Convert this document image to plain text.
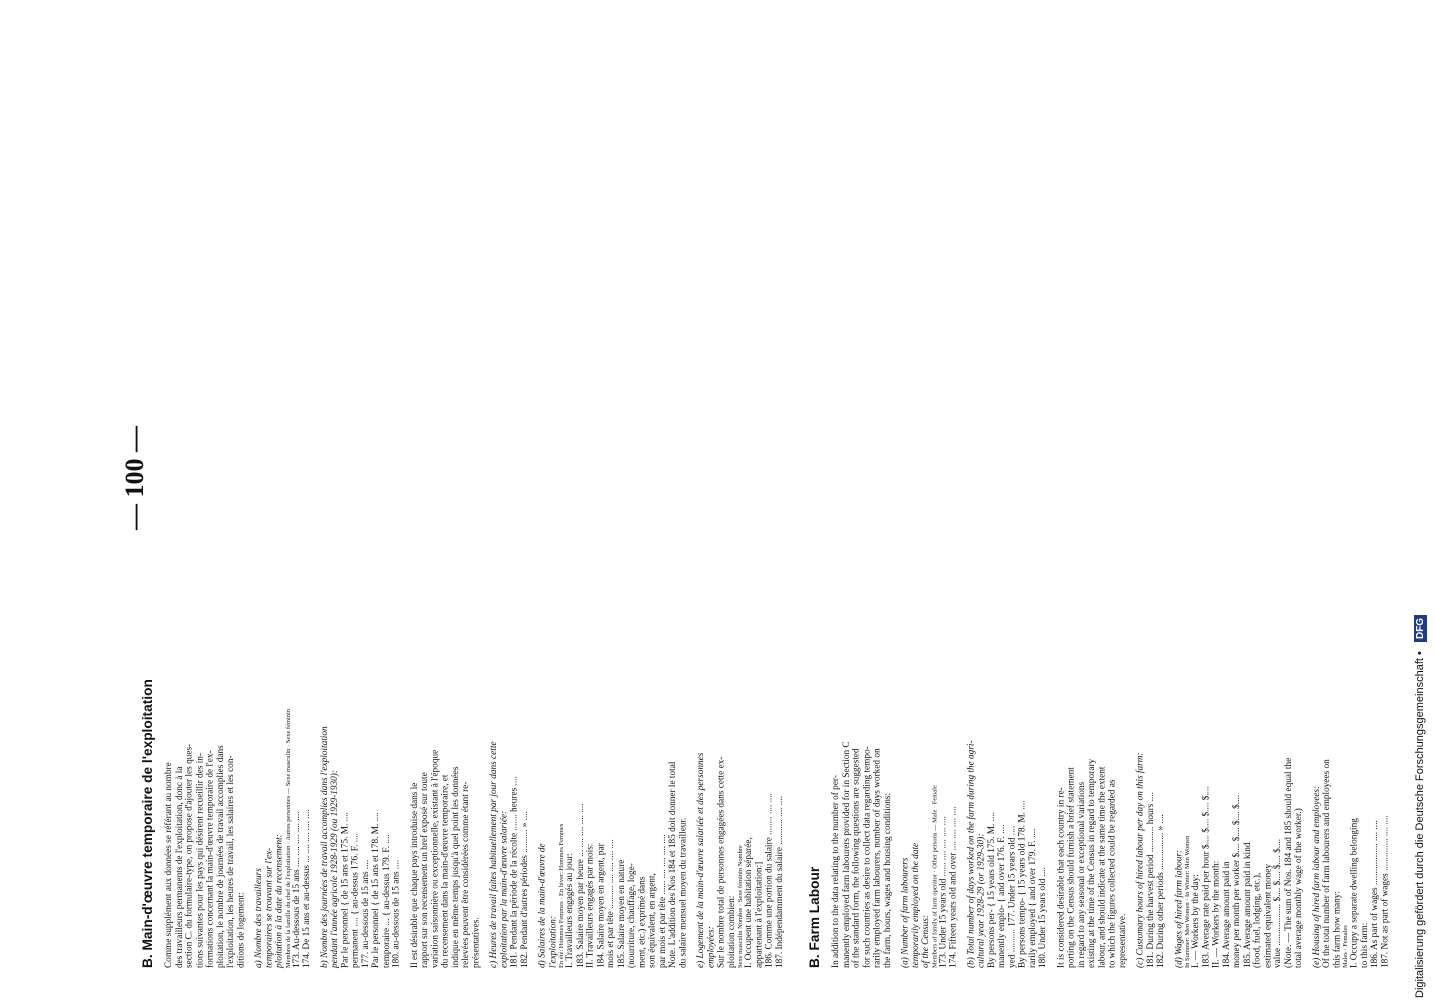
— 100 —
B. Main-d'œuvre temporaire de l'exploitation Comme supplément aux données se référant au nombre des travailleurs permanents de l'exploitation, donc à la section C. du formulaire-type, on propose d'ajouter les ques- tions suivantes pour les pays qui désirent recueillir des in- formations concernant la main-d'œuvre temporaire de l'ex- ploitation, le nombre de journées de travail accomplies dans l'exploitation, les heures de travail, les salaires et les con- ditions de logement: a) Nombre des travailleurs temporaires se trouvant sur l'ex- ploitation à la date du recensement: Membres de la famille du chef de l'exploitation · Autres personnes — Sexe masculin · Sexe féminin 173. Au-dessous de 15 ans .... .... .... .... .... 174. De 15 ans et au-dessus ... .... .... .... .... b) Nombre des journées de travail accomplies dans l'exploitation pendant l'année agricole 1928-1929 (ou 1929-1930): Par le personnel { de 15 ans et 175. M. .... permanent .... { au-dessus 176. F. .... 177. au-dessous de 15 ans .... Par le personnel { de 15 ans et 178. M. .... temporaire ... { au-dessus 179. F. .... 180. au-dessous de 15 ans .... Il est désirable que chaque pays introduise dans le rapport sur son recensement un bref exposé sur toute variation saisonnière ou exceptionnelle, existant à l'époque du recensement dans la main-d'œuvre temporaire, et indique en même temps jusqu'à quel point les données relevées peuvent être considérées comme étant re- présentatives. c) Heures de travail faites habituellement par jour dans cette exploitation par la main-d'œuvre salariée: 181. Pendant la période de la récolte ....... heures .... 182. Pendant d'autres périodes .......... » .... d) Salaires de la main-d'œuvre de l'exploitation: En été: Hommes Femmes · En hiver: Hommes Femmes I. Travailleurs engagés au jour: 183. Salaire moyen par heure ... .... .... .... .... II. Travailleurs engagés par mois: 184. Salaire moyen en argent, par mois et par tête .......... .... .... .... .... 185. Salaire moyen en nature (nourriture, chauffage, loge- ment, etc.) exprimé dans son équivalent, en argent, par mois et par tête ...... .... .... .... .... Note. L'addition des Nos 184 et 185 doit donner le total du salaire mensuel moyen du travailleur. e) Logement de la main-d'œuvre salariée et des personnes employées: Sur le nombre total de personnes engagées dans cette ex- ploitation combien: Sexe masculin Nombre · Sexe féminin Nombre I. Occupent une habitation séparée, appartenant à l'exploitation:] 186. Comme une portion du salaire ........ .... .... 187. Indépendamment du salaire ........... .... .... B. Farm Labour In addition to the data relating to the number of per- manently employed farm labourers provided for in Section C of the standard form, the following questions are suggested for such countries as desire to collect data regarding tempo- rarily employed farm labourers, number of days worked on the farm, hours, wages and housing conditions: (a) Number of farm labourers temporarily employed on the date of the Census: Members of family of farm operator · Other persons — Male · Female 173. Under 15 years old ...... .... .... .... .... 174. Fifteen years old and over .... .... .... .... (b) Total number of days worked on the farm during the agri- cultural year 1928-29 (or 1929-30): By persons per- { 15 years old 175. M. .... manently emplo- { and over 176. F. .... yed .......... 177. Under 15 years old .... By persons tempo- { 15 years old 178. M. .... rarily employed { and over 179. F. .... 180. Under 15 years old .... It is considered desirable that each country in re- porting on the Census should furnish a brief statement in regard to any seasonal or exceptional variations existing at the time of the Census in regard to temporary labour, and should indicate at the same time the extent to which the figures collected could be regarded as representative. (c) Customary hours of hired labour per day on this farm: 181. During the harvest period ........... hours .... 182. During other periods ................ » .... (d) Wages of hired farm labour: In Summer: Men Women · In Winter: Men Women I. — Workers by the day: 183. Average rate paid per hour $.... $.... $.... $.... II. — Workers by the month: 184. Average amount paid in money per month per worker $.... $.... $.... $.... 185. Average amount paid in kind (food, fuel, lodging, etc.), estimated equivalent money value .................. $.... $.... $.... $.... (Note. — The sum of Nos. 184 and 185 should equal the total average monthly wage of the worker.) (e) Housing of hired farm labour and employees: Of the total number of farm labourers and employees on this farm how many: Males · Females I. Occupy a separate dwelling belonging to this farm: 186. As part of wages .................. .... .... 187. Not as part of wages .............. .... ....	Digitalisierung gefördert durch die Deutsche Forschungsgemeinschaft • DFG
